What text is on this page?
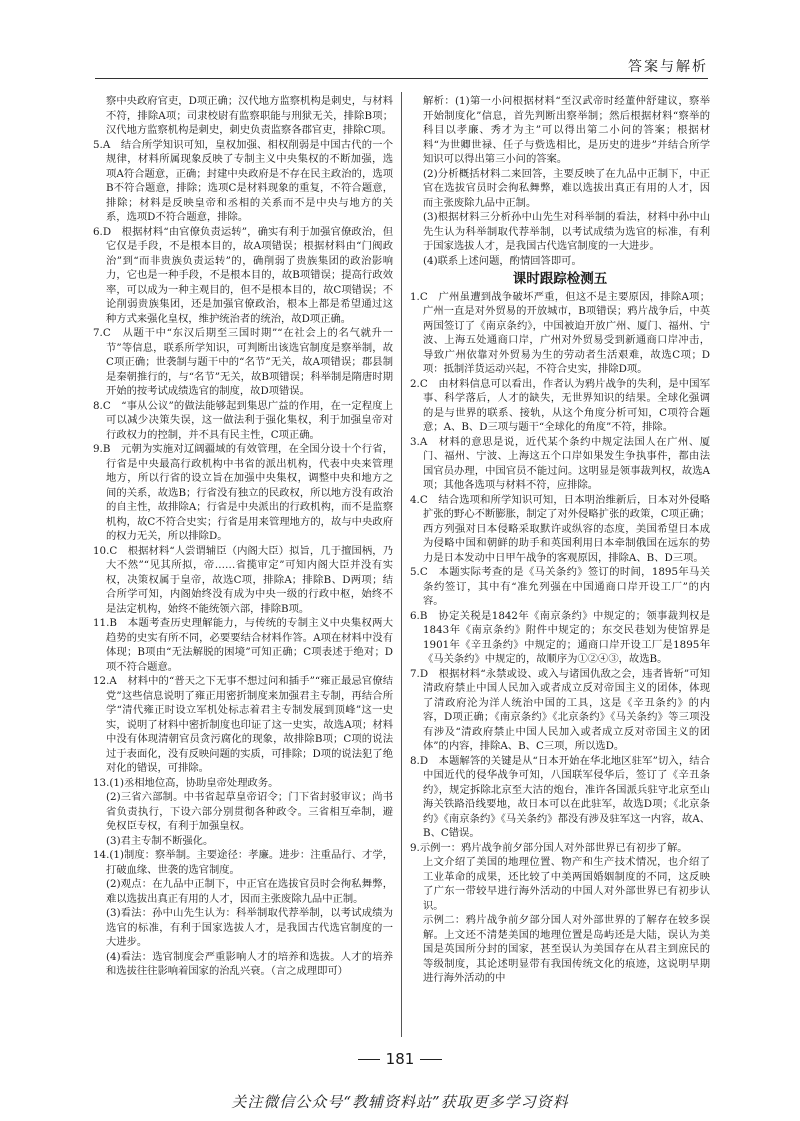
答案与解析

察中央政府官吏，D项正确；汉代地方监察机构是刺史，与材料不符，排除A项；司隶校尉有监察职能与刑狱无关，排除B项；汉代地方监察机构是刺史，刺史负责监察各郡官吏，排除C项。

5.A　结合所学知识可知，皇权加强、相权削弱是中国古代的一个规律，材料所属现象反映了专制主义中央集权的不断加强，选项A符合题意，正确；封建中央政府是不存在民主政治的，选项B不符合题意，排除；选项C是材料现象的重复，不符合题意，排除；材料是反映皇帝和丞相的关系而不是中央与地方的关系，选项D不符合题意，排除。

6.D　根据材料“由官僚负责运转”，确实有利于加强官僚政治，但它仅是手段，不是根本目的，故A项错误；根据材料由“门阀政治”到“而非贵族负责运转”的，确削弱了贵族集团的政治影响力，它也是一种手段，不是根本目的，故B项错误；提高行政效率，可以成为一种主观目的，但不是根本目的，故C项错误；不论削弱贵族集团，还是加强官僚政治，根本上都是希望通过这种方式来强化皇权，维护统治者的统治，故D项正确。

7.C　从题干中“东汉后期至三国时期”“在社会上的名气就升一节”等信息，联系所学知识，可判断出该选官制度是察举制，故C项正确；世袭制与题干中的“名节”无关，故A项错误；郡县制是秦朝推行的，与“名节”无关，故B项错误；科举制是隋唐时期开始的按考试成绩选官的制度，故D项错误。

8.C　“事从公议”的做法能够起到集思广益的作用，在一定程度上可以减少决策失误，这一做法利于强化集权，利于加强皇帝对行政权力的控制，并不具有民主性，C项正确。

9.B　元朝为实施对辽阔疆域的有效管理，在全国分设十个行省，行省是中央最高行政机构中书省的派出机构，代表中央来管理地方，所以行省的设立旨在加强中央集权，调整中央和地方之间的关系，故选B；行省没有独立的民政权，所以地方没有政治的自主性，故排除A；行省是中央派出的行政机构，而不是监察机构，故C不符合史实；行省是用来管理地方的，故与中央政府的权力无关，所以排除D。

10.C　根据材料“人尝谓辅臣（内阁大臣）拟旨，几于擅国柄，乃大不然”“见其所拟，帝……省揽审定”可知内阁大臣并没有实权，决策权属于皇帝，故选C项，排除A；排除B、D两项；结合所学可知，内阁始终没有成为中央一级的行政中枢，始终不是法定机构，始终不能统领六部，排除B项。

11.B　本题考查历史理解能力，与传统的专制主义中央集权两大趋势的史实有所不同，必要要结合材料作答。A项在材料中没有体现；B项由“无法解脱的困境”可知正确；C项表述于绝对；D项不符合题意。

12.A　材料中的“普天之下无事不想过问和插手”“雍正最忌官僚结党”这些信息说明了雍正用密折制度来加强君主专制，再结合所学“清代雍正时设立军机处标志着君主专制发展到顶峰”这一史实，说明了材料中密折制度也印证了这一史实，故选A项；材料中没有体现清朝官员贪污腐化的现象，故排除B项；C项的说法过于表面化，没有反映问题的实质，可排除；D项的说法犯了绝对化的错误，可排除。

13.(1)丞相地位高，协助皇帝处理政务。

(2)三省六部制。中书省起草皇帝诏令；门下省封驳审议；尚书省负责执行，下设六部分别贯彻各种政令。三省相互牵制，避免权臣专权，有利于加强皇权。

(3)君主专制不断强化。

14.(1)制度：察举制。主要途径：孝廉。进步：注重品行、才学，打破血缘、世袭的选官制度。

(2)观点：在九品中正制下，中正官在选拔官员时会徇私舞弊，难以选拔出真正有用的人才，因而主张废除九品中正制。

(3)看法：孙中山先生认为：科举制取代荐举制，以考试成绩为选官的标准，有利于国家选拔人才，是我国古代选官制度的一大进步。

(4)看法：选官制度会严重影响人才的培养和选拔。人才的培养和选拔往往影响着国家的治乱兴衰。（言之成理即可）

解析：(1)第一小问根据材料“至汉武帝时经董仲舒建议，察举开始制度化”信息，首先判断出察举制；然后根据材料“察举的科目以孝廉、秀才为主”可以得出第二小问的答案；根据材料“为世卿世禄、任子与赀选相比，是历史的进步”并结合所学知识可以得出第三小问的答案。

(2)分析概括材料二来回答，主要反映了在九品中正制下，中正官在选拔官员时会徇私舞弊，难以选拔出真正有用的人才，因而主张废除九品中正制。

(3)根据材料三分析孙中山先生对科举制的看法，材料中孙中山先生认为科举制取代荐举制，以考试成绩为选官的标准，有利于国家选拔人才，是我国古代选官制度的一大进步。

(4)联系上述问题，酌情回答即可。

课时跟踪检测五

1.C　广州虽遭到战争破坏严重，但这不是主要原因，排除A项；广州一直是对外贸易的开放城市，B项错误；鸦片战争后，中英两国签订了《南京条约》，中国被迫开放广州、厦门、福州、宁波、上海五处通商口岸，广州对外贸易受到新通商口岸冲击，导致广州依靠对外贸易为生的劳动者生活艰难，故选C项；D项：抵制洋货运动兴起，不符合史实，排除D项。

2.C　由材料信息可以看出，作者认为鸦片战争的失利，是中国军事、科学落后，人才的缺失，无世界知识的结果。全球化强调的是与世界的联系、接轨，从这个角度分析可知，C项符合题意；A、B、D三项与题干“全球化的角度”不符，排除。

3.A　材料的意思是说，近代某个条约中规定法国人在广州、厦门、福州、宁波、上海这五个口岸如果发生争执事件，都由法国官员办理，中国官员不能过问。这明显是领事裁判权，故选A项；其他各选项与材料不符，应排除。

4.C　结合选项和所学知识可知，日本明治维新后，日本对外侵略扩张的野心不断膨胀，制定了对外侵略扩张的政策，C项正确；西方列强对日本侵略采取默许或纵容的态度，美国希望日本成为侵略中国和朝鲜的助手和英国利用日本牵制俄国在远东的势力是日本发动中日甲午战争的客观原因，排除A、B、D三项。

5.C　本题实际考查的是《马关条约》签订的时间，1895年马关条约签订，其中有“准允列强在中国通商口岸开设工厂”的内容。

6.B　协定关税是1842年《南京条约》中规定的；领事裁判权是1843年《南京条约》附件中规定的；东交民巷划为使馆界是1901年《辛丑条约》中规定的；通商口岸开设工厂是1895年《马关条约》中规定的，故顺序为①②④③，故选B。

7.D　根据材料“永禁或设、或入与诸国仇敌之会，违者皆斩”可知清政府禁止中国人民加入或者成立反对帝国主义的团体，体现了清政府沦为洋人统治中国的工具，这是《辛丑条约》的内容，D项正确；《南京条约》《北京条约》《马关条约》等三项没有涉及“清政府禁止中国人民加入或者成立反对帝国主义的团体”的内容，排除A、B、C三项，所以选D。

8.D　本题解答的关键是从“日本开始在华北地区驻军”切入，结合中国近代的侵华战争可知，八国联军侵华后，签订了《辛丑条约》，规定拆除北京至大沽的炮台，准许各国派兵驻守北京至山海关铁路沿线要地，故日本可以在此驻军，故选D项；《北京条约》《南京条约》《马关条约》都没有涉及驻军这一内容，故A、B、C错误。

9.示例一：鸦片战争前夕部分国人对外部世界已有初步了解。

上文介绍了美国的地理位置、物产和生产技术情况，也介绍了工业革命的成果，还比较了中美两国婚姻制度的不同，这反映了广东一带较早进行海外活动的中国人对外部世界已有初步认识。

示例二：鸦片战争前夕部分国人对外部世界的了解存在较多误解。上文还不清楚美国的地理位置是岛屿还是大陆，误认为美国是英国所分封的国家，甚至误认为美国存在从君主到庶民的等级制度，其论述明显带有我国传统文化的痕迹，这说明早期进行海外活动的中

181
关注微信公众号“教辅资料站”获取更多学习资料
